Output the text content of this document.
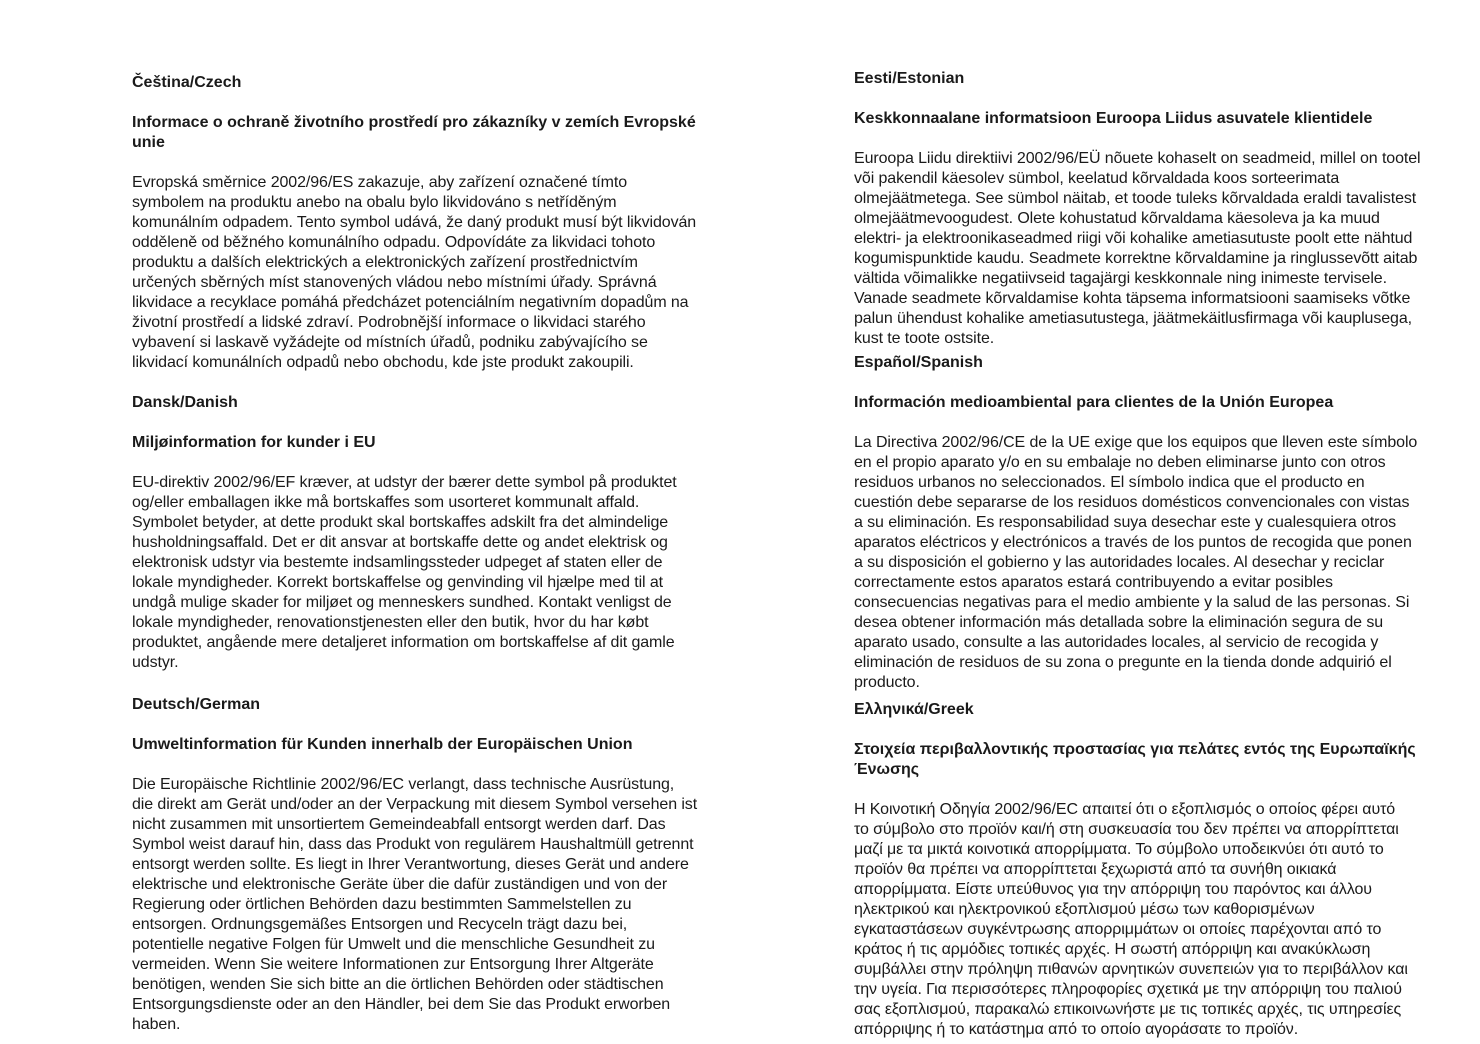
Čeština/Czech

Informace o ochraně životního prostředí pro zákazníky v zemích Evropské
unie

Evropská směrnice 2002/96/ES zakazuje, aby zařízení označené tímto
symbolem na produktu anebo na obalu bylo likvidováno s netříděným
komunálním odpadem. Tento symbol udává, že daný produkt musí být likvidován
odděleně od běžného komunálního odpadu. Odpovídáte za likvidaci tohoto
produktu a dalších elektrických a elektronických zařízení prostřednictvím
určených sběrných míst stanovených vládou nebo místními úřady. Správná
likvidace a recyklace pomáhá předcházet potenciálním negativním dopadům na
životní prostředí a lidské zdraví. Podrobnější informace o likvidaci starého
vybavení si laskavě vyžádejte od místních úřadů, podniku zabývajícího se
likvidací komunálních odpadů nebo obchodu, kde jste produkt zakoupili.

Dansk/Danish

Miljøinformation for kunder i EU

EU-direktiv 2002/96/EF kræver, at udstyr der bærer dette symbol på produktet
og/eller emballagen ikke må bortskaffes som usorteret kommunalt affald.
Symbolet betyder, at dette produkt skal bortskaffes adskilt fra det almindelige
husholdningsaffald. Det er dit ansvar at bortskaffe dette og andet elektrisk og
elektronisk udstyr via bestemte indsamlingssteder udpeget af staten eller de
lokale myndigheder. Korrekt bortskaffelse og genvinding vil hjælpe med til at
undgå mulige skader for miljøet og menneskers sundhed. Kontakt venligst de
lokale myndigheder, renovationstjenesten eller den butik, hvor du har købt
produktet, angående mere detaljeret information om bortskaffelse af dit gamle
udstyr.

Deutsch/German

Umweltinformation für Kunden innerhalb der Europäischen Union

Die Europäische Richtlinie 2002/96/EC verlangt, dass technische Ausrüstung,
die direkt am Gerät und/oder an der Verpackung mit diesem Symbol versehen ist
nicht zusammen mit unsortiertem Gemeindeabfall entsorgt werden darf. Das
Symbol weist darauf hin, dass das Produkt von regulärem Haushaltmüll getrennt
entsorgt werden sollte. Es liegt in Ihrer Verantwortung, dieses Gerät und andere
elektrische und elektronische Geräte über die dafür zuständigen und von der
Regierung oder örtlichen Behörden dazu bestimmten Sammelstellen zu
entsorgen. Ordnungsgemäßes Entsorgen und Recyceln trägt dazu bei,
potentielle negative Folgen für Umwelt und die menschliche Gesundheit zu
vermeiden. Wenn Sie weitere Informationen zur Entsorgung Ihrer Altgeräte
benötigen, wenden Sie sich bitte an die örtlichen Behörden oder städtischen
Entsorgungsdienste oder an den Händler, bei dem Sie das Produkt erworben
haben.

Eesti/Estonian

Keskkonnaalane informatsioon Euroopa Liidus asuvatele klientidele

Euroopa Liidu direktiivi 2002/96/EÜ nõuete kohaselt on seadmeid, millel on tootel
või pakendil käesolev sümbol, keelatud kõrvaldada koos sorteerimata
olmejäätmetega. See sümbol näitab, et toode tuleks kõrvaldada eraldi tavalistest
olmejäätmevoogudest. Olete kohustatud kõrvaldama käesoleva ja ka muud
elektri- ja elektroonikaseadmed riigi või kohalike ametiasutuste poolt ette nähtud
kogumispunktide kaudu. Seadmete korrektne kõrvaldamine ja ringlussevõtt aitab
vältida võimalikke negatiivseid tagajärgi keskkonnale ning inimeste tervisele.
Vanade seadmete kõrvaldamise kohta täpsema informatsiooni saamiseks võtke
palun ühendust kohalike ametiasutustega, jäätmekäitlusfirmaga või kauplusega,
kust te toote ostsite.

Español/Spanish

Información medioambiental para clientes de la Unión Europea

La Directiva 2002/96/CE de la UE exige que los equipos que lleven este símbolo
en el propio aparato y/o en su embalaje no deben eliminarse junto con otros
residuos urbanos no seleccionados. El símbolo indica que el producto en
cuestión debe separarse de los residuos domésticos convencionales con vistas
a su eliminación. Es responsabilidad suya desechar este y cualesquiera otros
aparatos eléctricos y electrónicos a través de los puntos de recogida que ponen
a su disposición el gobierno y las autoridades locales. Al desechar y reciclar
correctamente estos aparatos estará contribuyendo a evitar posibles
consecuencias negativas para el medio ambiente y la salud de las personas. Si
desea obtener información más detallada sobre la eliminación segura de su
aparato usado, consulte a las autoridades locales, al servicio de recogida y
eliminación de residuos de su zona o pregunte en la tienda donde adquirió el
producto.

Ελληνικά/Greek

Στοιχεία περιβαλλοντικής προστασίας για πελάτες εντός της Ευρωπαϊκής
Ένωσης

Η Κοινοτική Οδηγία 2002/96/EC απαιτεί ότι ο εξοπλισμός ο οποίος φέρει αυτό
το σύμβολο στο προϊόν και/ή στη συσκευασία του δεν πρέπει να απορρίπτεται
μαζί με τα μικτά κοινοτικά απορρίμματα. Το σύμβολο υποδεικνύει ότι αυτό το
προϊόν θα πρέπει να απορρίπτεται ξεχωριστά από τα συνήθη οικιακά
απορρίμματα. Είστε υπεύθυνος για την απόρριψη του παρόντος και άλλου
ηλεκτρικού και ηλεκτρονικού εξοπλισμού μέσω των καθορισμένων
εγκαταστάσεων συγκέντρωσης απορριμμάτων οι οποίες παρέχονται από το
κράτος ή τις αρμόδιες τοπικές αρχές. Η σωστή απόρριψη και ανακύκλωση
συμβάλλει στην πρόληψη πιθανών αρνητικών συνεπειών για το περιβάλλον και
την υγεία. Για περισσότερες πληροφορίες σχετικά με την απόρριψη του παλιού
σας εξοπλισμού, παρακαλώ επικοινωνήστε με τις τοπικές αρχές, τις υπηρεσίες
απόρριψης ή το κατάστημα από το οποίο αγοράσατε το προϊόν.
